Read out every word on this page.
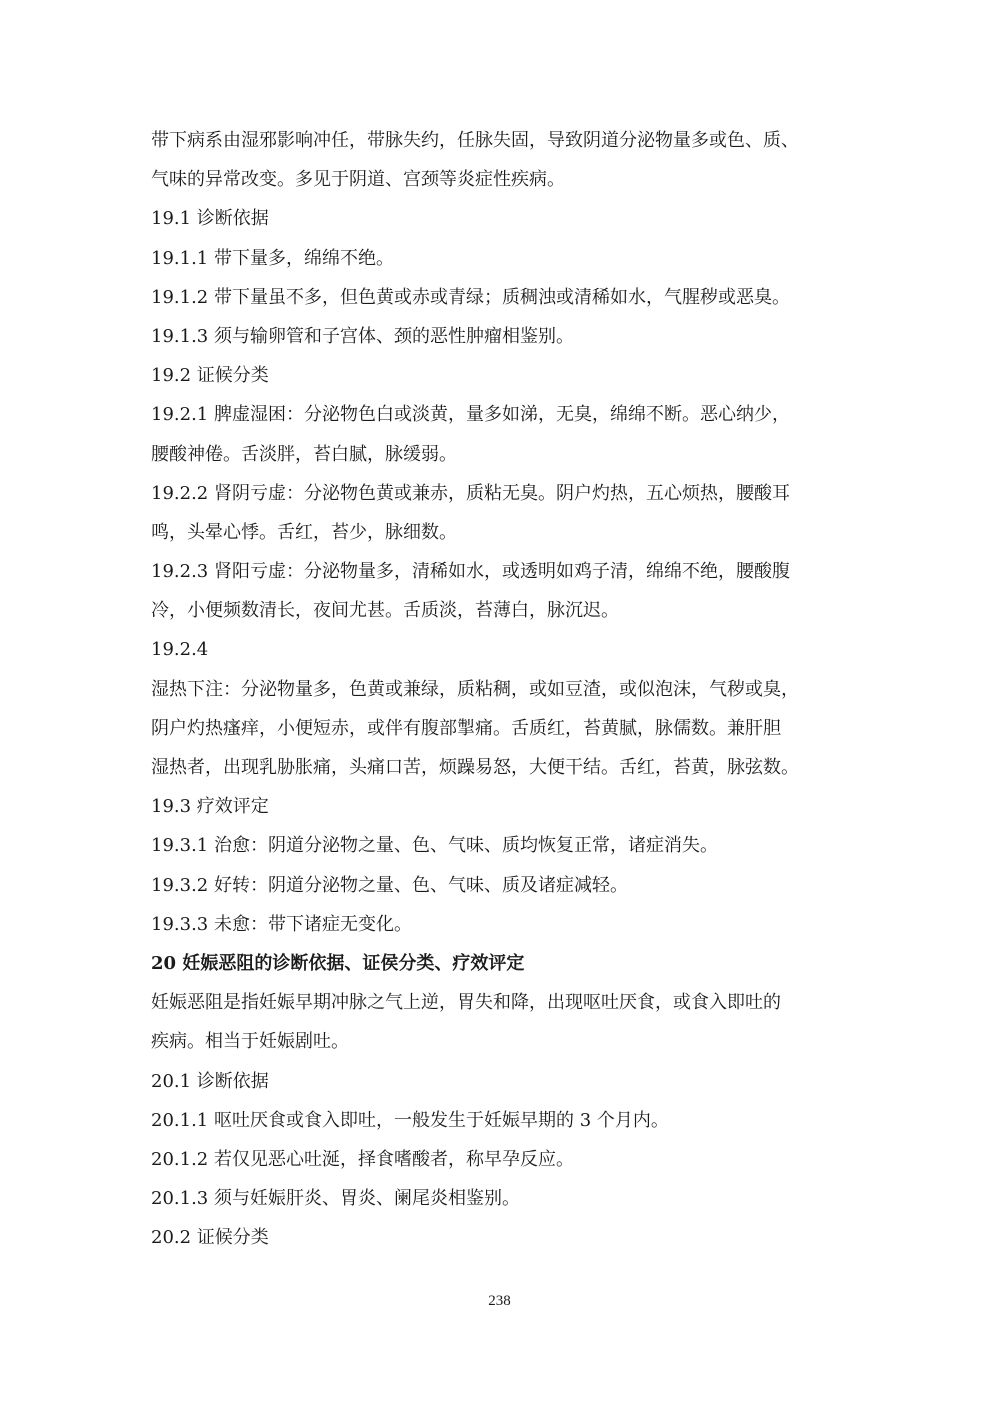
带下病系由湿邪影响冲任，带脉失约，任脉失固，导致阴道分泌物量多或色、质、
气味的异常改变。多见于阴道、宫颈等炎症性疾病。
19.1 诊断依据
19.1.1 带下量多，绵绵不绝。
19.1.2 带下量虽不多，但色黄或赤或青绿；质稠浊或清稀如水，气腥秽或恶臭。
19.1.3 须与输卵管和子宫体、颈的恶性肿瘤相鉴别。
19.2 证候分类
19.2.1 脾虚湿困：分泌物色白或淡黄，量多如涕，无臭，绵绵不断。恶心纳少，
腰酸神倦。舌淡胖，苔白腻，脉缓弱。
19.2.2 肾阴亏虚：分泌物色黄或兼赤，质粘无臭。阴户灼热，五心烦热，腰酸耳
鸣，头晕心悸。舌红，苔少，脉细数。
19.2.3 肾阳亏虚：分泌物量多，清稀如水，或透明如鸡子清，绵绵不绝，腰酸腹
冷，小便频数清长，夜间尤甚。舌质淡，苔薄白，脉沉迟。
19.2.4
湿热下注：分泌物量多，色黄或兼绿，质粘稠，或如豆渣，或似泡沫，气秽或臭，
阴户灼热瘙痒，小便短赤，或伴有腹部掣痛。舌质红，苔黄腻，脉儒数。兼肝胆
湿热者，出现乳胁胀痛，头痛口苦，烦躁易怒，大便干结。舌红，苔黄，脉弦数。
19.3 疗效评定
19.3.1 治愈：阴道分泌物之量、色、气味、质均恢复正常，诸症消失。
19.3.2 好转：阴道分泌物之量、色、气味、质及诸症减轻。
19.3.3 未愈：带下诸症无变化。
20 妊娠恶阻的诊断依据、证侯分类、疗效评定
妊娠恶阻是指妊娠早期冲脉之气上逆，胃失和降，出现呕吐厌食，或食入即吐的
疾病。相当于妊娠剧吐。
20.1 诊断依据
20.1.1 呕吐厌食或食入即吐，一般发生于妊娠早期的 3 个月内。
20.1.2 若仅见恶心吐涎，择食嗜酸者，称早孕反应。
20.1.3 须与妊娠肝炎、胃炎、阑尾炎相鉴别。
20.2 证候分类
238
